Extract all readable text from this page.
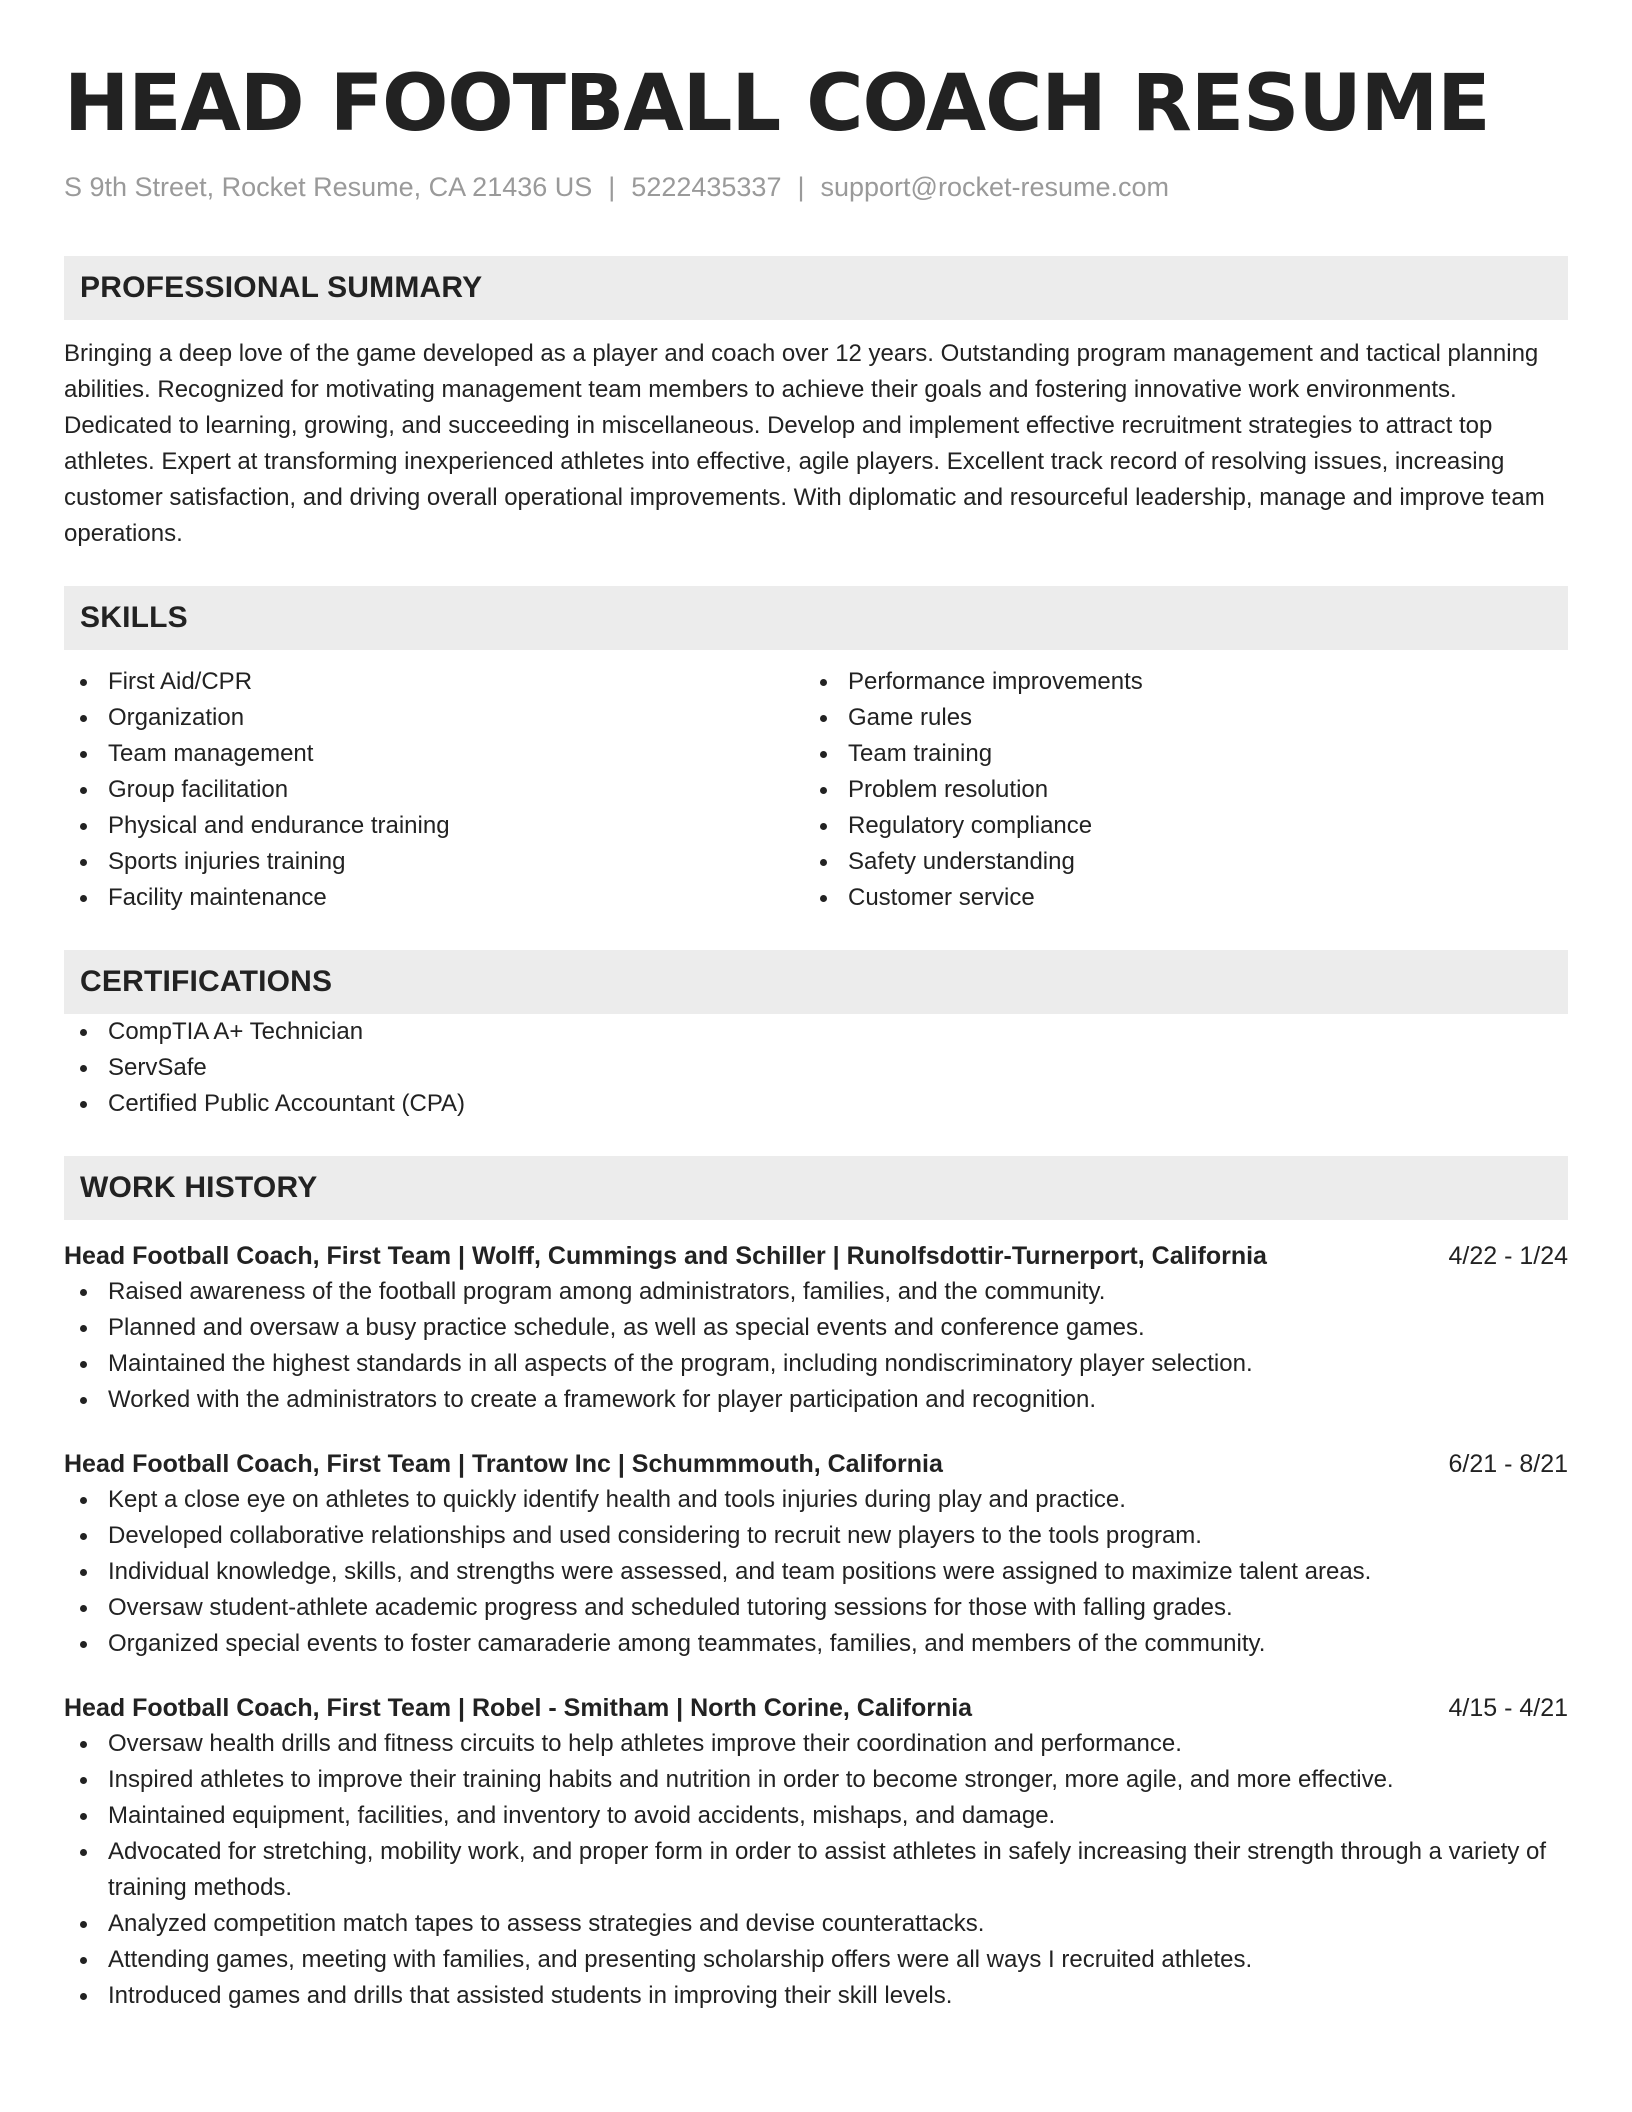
HEAD FOOTBALL COACH RESUME
S 9th Street, Rocket Resume, CA 21436 US | 5222435337 | support@rocket-resume.com
PROFESSIONAL SUMMARY
Bringing a deep love of the game developed as a player and coach over 12 years. Outstanding program management and tactical planning abilities. Recognized for motivating management team members to achieve their goals and fostering innovative work environments. Dedicated to learning, growing, and succeeding in miscellaneous. Develop and implement effective recruitment strategies to attract top athletes. Expert at transforming inexperienced athletes into effective, agile players. Excellent track record of resolving issues, increasing customer satisfaction, and driving overall operational improvements. With diplomatic and resourceful leadership, manage and improve team operations.
SKILLS
First Aid/CPR
Organization
Team management
Group facilitation
Physical and endurance training
Sports injuries training
Facility maintenance
Performance improvements
Game rules
Team training
Problem resolution
Regulatory compliance
Safety understanding
Customer service
CERTIFICATIONS
CompTIA A+ Technician
ServSafe
Certified Public Accountant (CPA)
WORK HISTORY
Head Football Coach, First Team | Wolff, Cummings and Schiller | Runolfsdottir-Turnerport, California	4/22 - 1/24
Raised awareness of the football program among administrators, families, and the community.
Planned and oversaw a busy practice schedule, as well as special events and conference games.
Maintained the highest standards in all aspects of the program, including nondiscriminatory player selection.
Worked with the administrators to create a framework for player participation and recognition.
Head Football Coach, First Team | Trantow Inc | Schummmouth, California	6/21 - 8/21
Kept a close eye on athletes to quickly identify health and tools injuries during play and practice.
Developed collaborative relationships and used considering to recruit new players to the tools program.
Individual knowledge, skills, and strengths were assessed, and team positions were assigned to maximize talent areas.
Oversaw student-athlete academic progress and scheduled tutoring sessions for those with falling grades.
Organized special events to foster camaraderie among teammates, families, and members of the community.
Head Football Coach, First Team | Robel - Smitham | North Corine, California	4/15 - 4/21
Oversaw health drills and fitness circuits to help athletes improve their coordination and performance.
Inspired athletes to improve their training habits and nutrition in order to become stronger, more agile, and more effective.
Maintained equipment, facilities, and inventory to avoid accidents, mishaps, and damage.
Advocated for stretching, mobility work, and proper form in order to assist athletes in safely increasing their strength through a variety of training methods.
Analyzed competition match tapes to assess strategies and devise counterattacks.
Attending games, meeting with families, and presenting scholarship offers were all ways I recruited athletes.
Introduced games and drills that assisted students in improving their skill levels.
